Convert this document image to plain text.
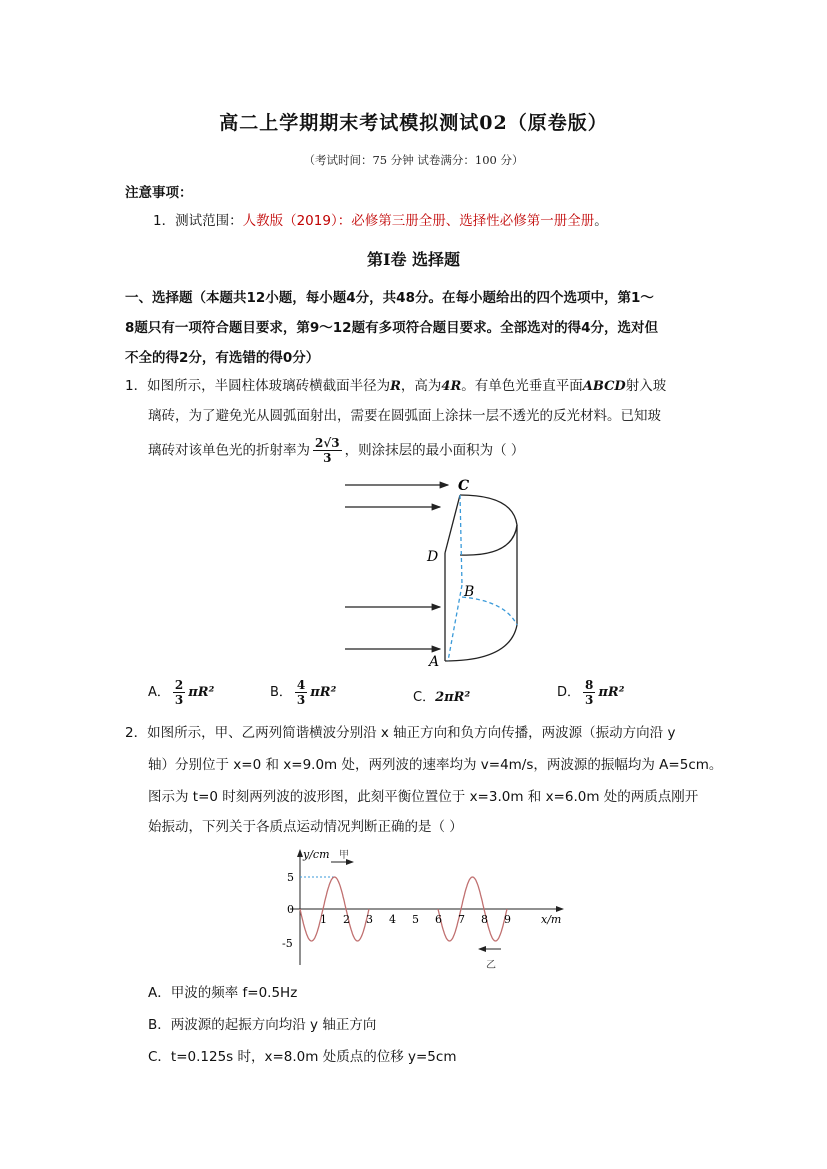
高二上学期期末考试模拟测试02（原卷版）
（考试时间：75 分钟 试卷满分：100 分）
注意事项：
1．测试范围：人教版（2019）：必修第三册全册、选择性必修第一册全册。
第Ⅰ卷 选择题
一、选择题（本题共12小题，每小题4分，共48分。在每小题给出的四个选项中，第1～
8题只有一项符合题目要求，第9～12题有多项符合题目要求。全部选对的得4分，选对但
不全的得2分，有选错的得0分）
1．如图所示，半圆柱体玻璃砖横截面半径为R，高为4R。有单色光垂直平面ABCD射入玻
璃砖，为了避免光从圆弧面射出，需要在圆弧面上涂抹一层不透光的反光材料。已知玻
璃砖对该单色光的折射率为 $\frac{2√3}{3}$ ，则涂抹层的最小面积为（ ）
C
D
B
A
A． $\frac{2}{3} \pi R^2$	B． $\frac{4}{3} \pi R^2$	C．2πR²	D． $\frac{8}{3} \pi R^2$
2．如图所示，甲、乙两列简谐横波分别沿 x 轴正方向和负方向传播，两波源（振动方向沿 y
轴）分别位于 x=0 和 x=9.0m 处，两列波的速率均为 v=4m/s，两波源的振幅均为 A=5cm。
图示为 t=0 时刻两列波的波形图，此刻平衡位置位于 x=3.0m 和 x=6.0m 处的两质点刚开
始振动，下列关于各质点运动情况判断正确的是（ ）
y/cm
x/m
5
0
-5
1 2 3 4 5 6 7 8 9
甲
乙
A．甲波的频率 f=0.5Hz
B．两波源的起振方向均沿 y 轴正方向
C．t=0.125s 时，x=8.0m 处质点的位移 y=5cm
